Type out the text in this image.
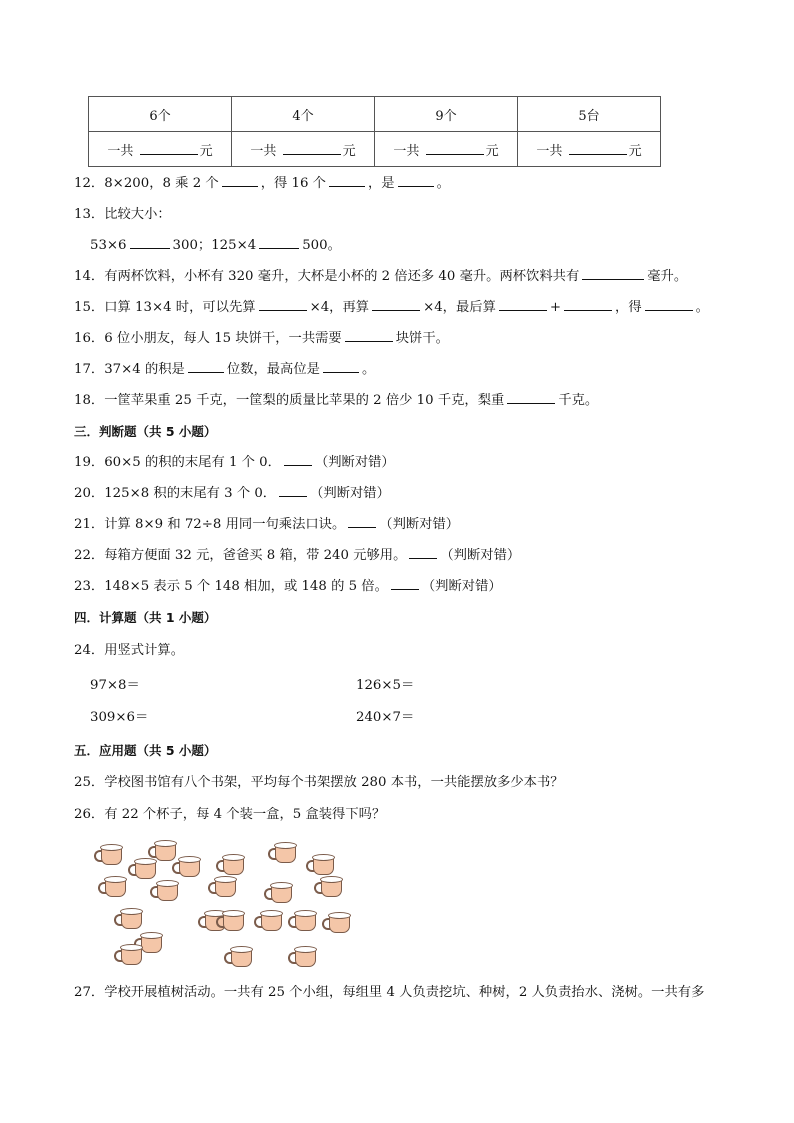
6个	4个	9个	5台
一共 元	一共 元	一共 元	一共 元
12．8×200，8 乘 2 个	，得 16 个	，是	。
13．比较大小：
53×6	300；125×4	500。
14．有两杯饮料，小杯有 320 毫升，大杯是小杯的 2 倍还多 40 毫升。两杯饮料共有	毫升。
15．口算 13×4 时，可以先算	×4，再算	×4，最后算	+	，得	。
16．6 位小朋友，每人 15 块饼干，一共需要	块饼干。
17．37×4 的积是	位数，最高位是	。
18．一筐苹果重 25 千克，一筐梨的质量比苹果的 2 倍少 10 千克，梨重	千克。
三．判断题（共 5 小题）
19．60×5 的积的末尾有 1 个 0．	（判断对错）
20．125×8 积的末尾有 3 个 0．	（判断对错）
21．计算 8×9 和 72÷8 用同一句乘法口诀。	（判断对错）
22．每箱方便面 32 元，爸爸买 8 箱，带 240 元够用。	（判断对错）
23．148×5 表示 5 个 148 相加，或 148 的 5 倍。	（判断对错）
四．计算题（共 1 小题）
24．用竖式计算。
97×8＝	126×5＝
309×6＝	240×7＝
五．应用题（共 5 小题）
25．学校图书馆有八个书架，平均每个书架摆放 280 本书，一共能摆放多少本书？
26．有 22 个杯子，每 4 个装一盒，5 盒装得下吗？
27．学校开展植树活动。一共有 25 个小组，每组里 4 人负责挖坑、种树，2 人负责抬水、浇树。一共有多
